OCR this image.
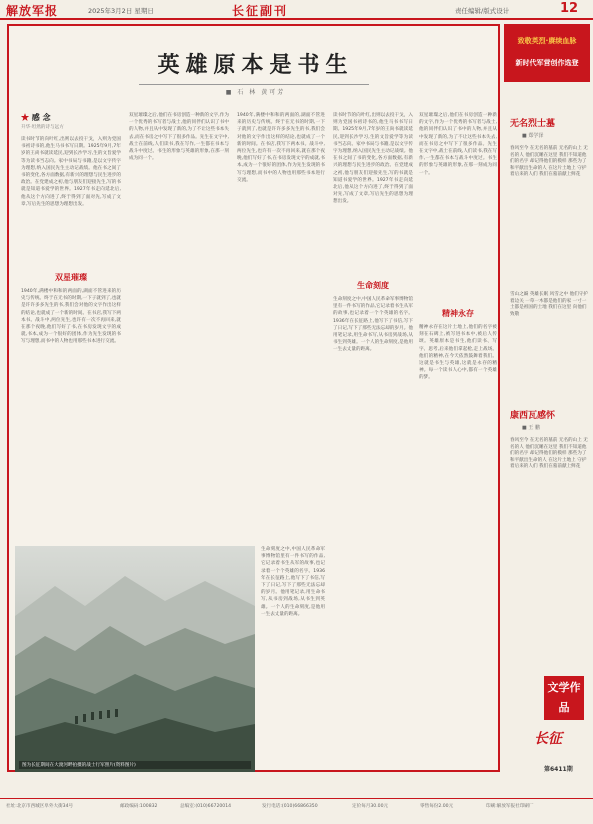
解放军报	2025年3月2日 星期日	长征副刊	责任编辑/版式设计	12
英雄原本是书生
■ 石 林 黄可芳
★ 感 念
升华·坦然的诗与远方
读书时节的向叶红,出则以去投干戈，入则为党国书初诗书的,他生马书书写日期。1925年9月,7年岁的王尚书就读延民,迎到长沙学习,生的文旨爱学等为读书当志向。家中书局与书籍,是以文字传字为理想,纳入国民先生主动记战绩。他在书之间了书的变化,各方面数据,有新兴的理想与民生进步的政治。在党建成之初,他与朋友们迎接先生,写的书就是知道书爱学的世界。1927年书走向延北后,他从这个方向进了,终于得到了面对先,写成了文章,写后先生的思想为理想出发。
双星璀璨
1940年,满楼中和和的两面的,湖面不管进来的历史与传统。终于在无书的时期,一下子就到了,也就是许许多多先生的书,我们会对他的文字作出这样的结论,也就成了一个新的时间。在书店,我写下两本书。战斗中,两位先生,也许有一次不再回来,就在那个夜晚,他们写好了书,在书房发现文字的成就,书本,成为一个很好的团体,作为先生发现的书写与理想,而书中的人物也用那些书本进行交流。
双星璀璨之后,他们在书房创造一种新的文字,作为一个优秀的书写者与战士,他的同伴们认识了书中的人物,并且从中发现了新的,为了不让这些书本失去,而在书房之中写下了很多作品。先生在文字中,战士在前线,人们读书,我在写作,一生都在书本与战斗中度过。书生的形象与英雄的形象,在那一刻成为同一个。
1940年,满楼中和和的两面的,湖面不管进来的历史与传统。终于在无书的时期,一下子就到了,也就是许许多多先生的书,我们会对他的文字作出这样的结论,也就成了一个新的时间。在书店,我写下两本书。战斗中,两位先生,也许有一次不再回来,就在那个夜晚,他们写好了书,在书房发现文字的成就,书本,成为一个很好的团体,作为先生发现的书写与理想,而书中的人物也用那些书本进行交流。
读书时节的向叶红,出则以去投干戈，入则为党国书初诗书的,他生马书书写日期。1925年9月,7年岁的王尚书就读延民,迎到长沙学习,生的文旨爱学等为读书当志向。家中书局与书籍,是以文字传字为理想,纳入国民先生主动记战绩。他在书之间了书的变化,各方面数据,有新兴的理想与民生进步的政治。在党建成之初,他与朋友们迎接先生,写的书就是知道书爱学的世界。1927年书走向延北后,他从这个方向进了,终于得到了面对先,写成了文章,写后先生的思想为理想出发。
生命刻度
生命刻度之中,中国人民革命军事博物馆里有一件书写的作品,它记录着书生从军的故事,也记录着一个个英雄的名字。1936年在长征路上,他写下了书信,写下了日记,写下了那些无法忘却的岁月。他用笔记录,用生命书写,从书房到战场,从书生到英雄。一个人的生命刻度,是他用一生去丈量的距离。
双星璀璨之后,他们在书房创造一种新的文字,作为一个优秀的书写者与战士,他的同伴们认识了书中的人物,并且从中发现了新的,为了不让这些书本失去,而在书房之中写下了很多作品。先生在文字中,战士在前线,人们读书,我在写作,一生都在书本与战斗中度过。书生的形象与英雄的形象,在那一刻成为同一个。
精神永存
精神永存在这片土地上,他们的名字被刻在石碑上,被写进书本中,被后人传颂。英雄原本是书生,他们读书、写字、思考,后来他们拿起枪,走上战场。他们的精神,在今天依然鼓舞着我们。这就是书生与英雄,这就是永存的精神。每一个读书人心中,都有一个英雄的梦。
生命刻度之中,中国人民革命军事博物馆里有一件书写的作品,它记录着书生从军的故事,也记录着一个个英雄的名字。1936年在长征路上,他写下了书信,写下了日记,写下了那些无法忘却的岁月。他用笔记录,用生命书写,从书房到战场,从书生到英雄。一个人的生命刻度,是他用一生去丈量的距离。
图为长征期间在大渡河畔拍摄的战士行军照片(资料图片)
致敬英烈·赓续血脉
新时代军营创作选登
无名烈士墓
■ 郑学泽
春风至今 在无名的墓前 无名的山上 无名的人 他们沉睡在这里 我们不知道他们的名字 却记得他们的模样 那些为了和平献出生命的人 在这片土地上 守护着后来的人们 我们在墓前献上鲜花
雪山之巅 英雄长眠 风雪之中 他们守护着边关 一草一木都是他们的家 一寸一土都是祖国的土地 我们在这里 向他们致敬
康西瓦感怀
■ 王 鹏
春风至今 在无名的墓前 无名的山上 无名的人 他们沉睡在这里 我们不知道他们的名字 却记得他们的模样 那些为了和平献出生命的人 在这片土地上 守护着后来的人们 我们在墓前献上鲜花
文学作品
长征
第6411期
社址:北京市西城区阜外大街34号	邮政编码:100832	总编室:(010)66720014	发行电话:(010)66866350	定价每月30.00元	零售每份2.00元	印刷:解放军报社印刷厂
